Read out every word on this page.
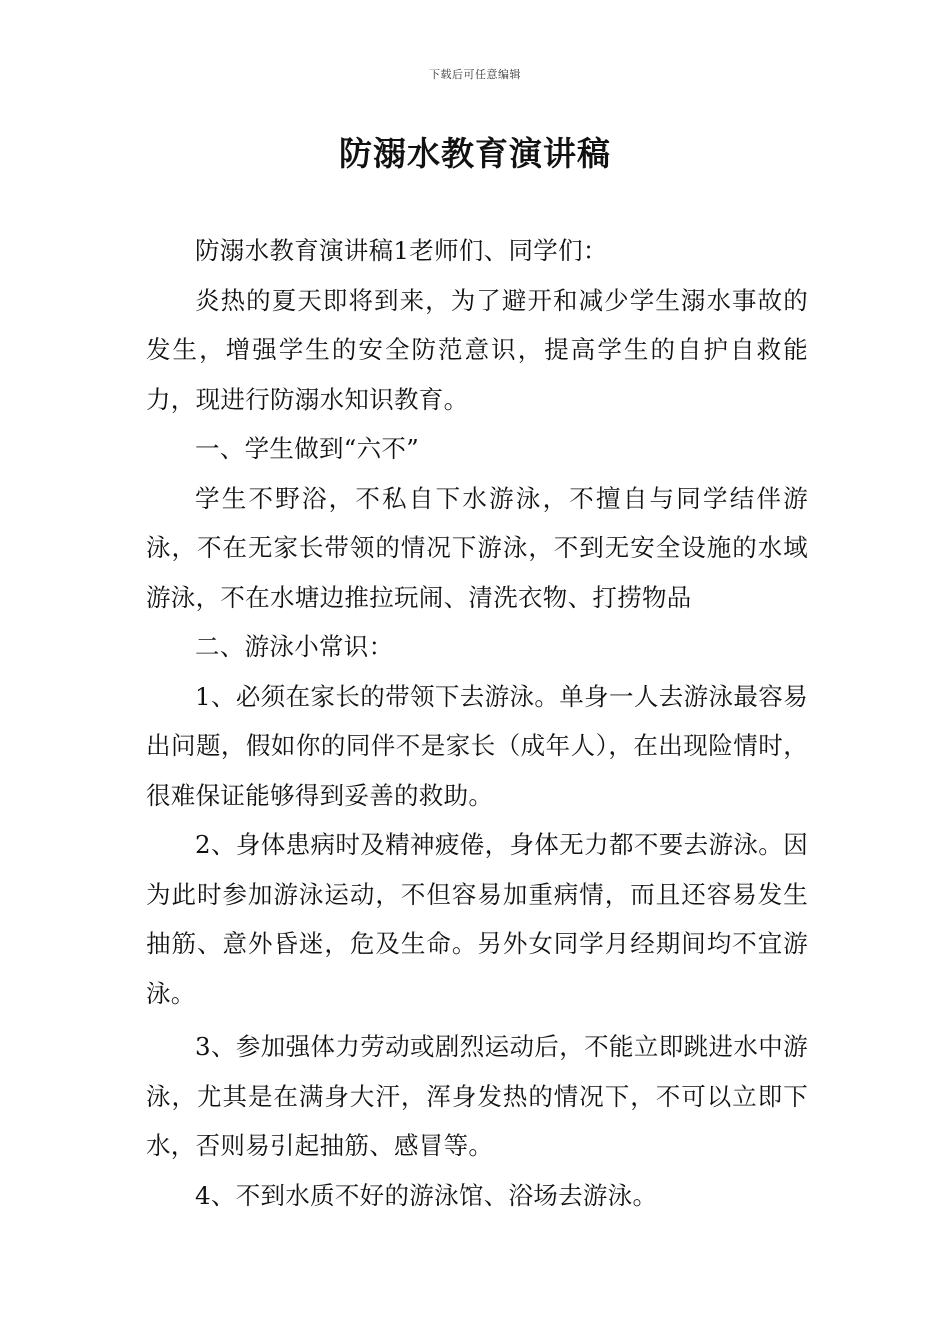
下载后可任意编辑
防溺水教育演讲稿

防溺水教育演讲稿1老师们、同学们：

炎热的夏天即将到来，为了避开和减少学生溺水事故的发生，增强学生的安全防范意识，提高学生的自护自救能力，现进行防溺水知识教育。

一、学生做到“六不”

学生不野浴，不私自下水游泳，不擅自与同学结伴游泳，不在无家长带领的情况下游泳，不到无安全设施的水域游泳，不在水塘边推拉玩闹、清洗衣物、打捞物品

二、游泳小常识：

1、必须在家长的带领下去游泳。单身一人去游泳最容易出问题，假如你的同伴不是家长（成年人），在出现险情时，很难保证能够得到妥善的救助。

2、身体患病时及精神疲倦，身体无力都不要去游泳。因为此时参加游泳运动，不但容易加重病情，而且还容易发生抽筋、意外昏迷，危及生命。另外女同学月经期间均不宜游泳。

3、参加强体力劳动或剧烈运动后，不能立即跳进水中游泳，尤其是在满身大汗，浑身发热的情况下，不可以立即下水，否则易引起抽筋、感冒等。

4、不到水质不好的游泳馆、浴场去游泳。
